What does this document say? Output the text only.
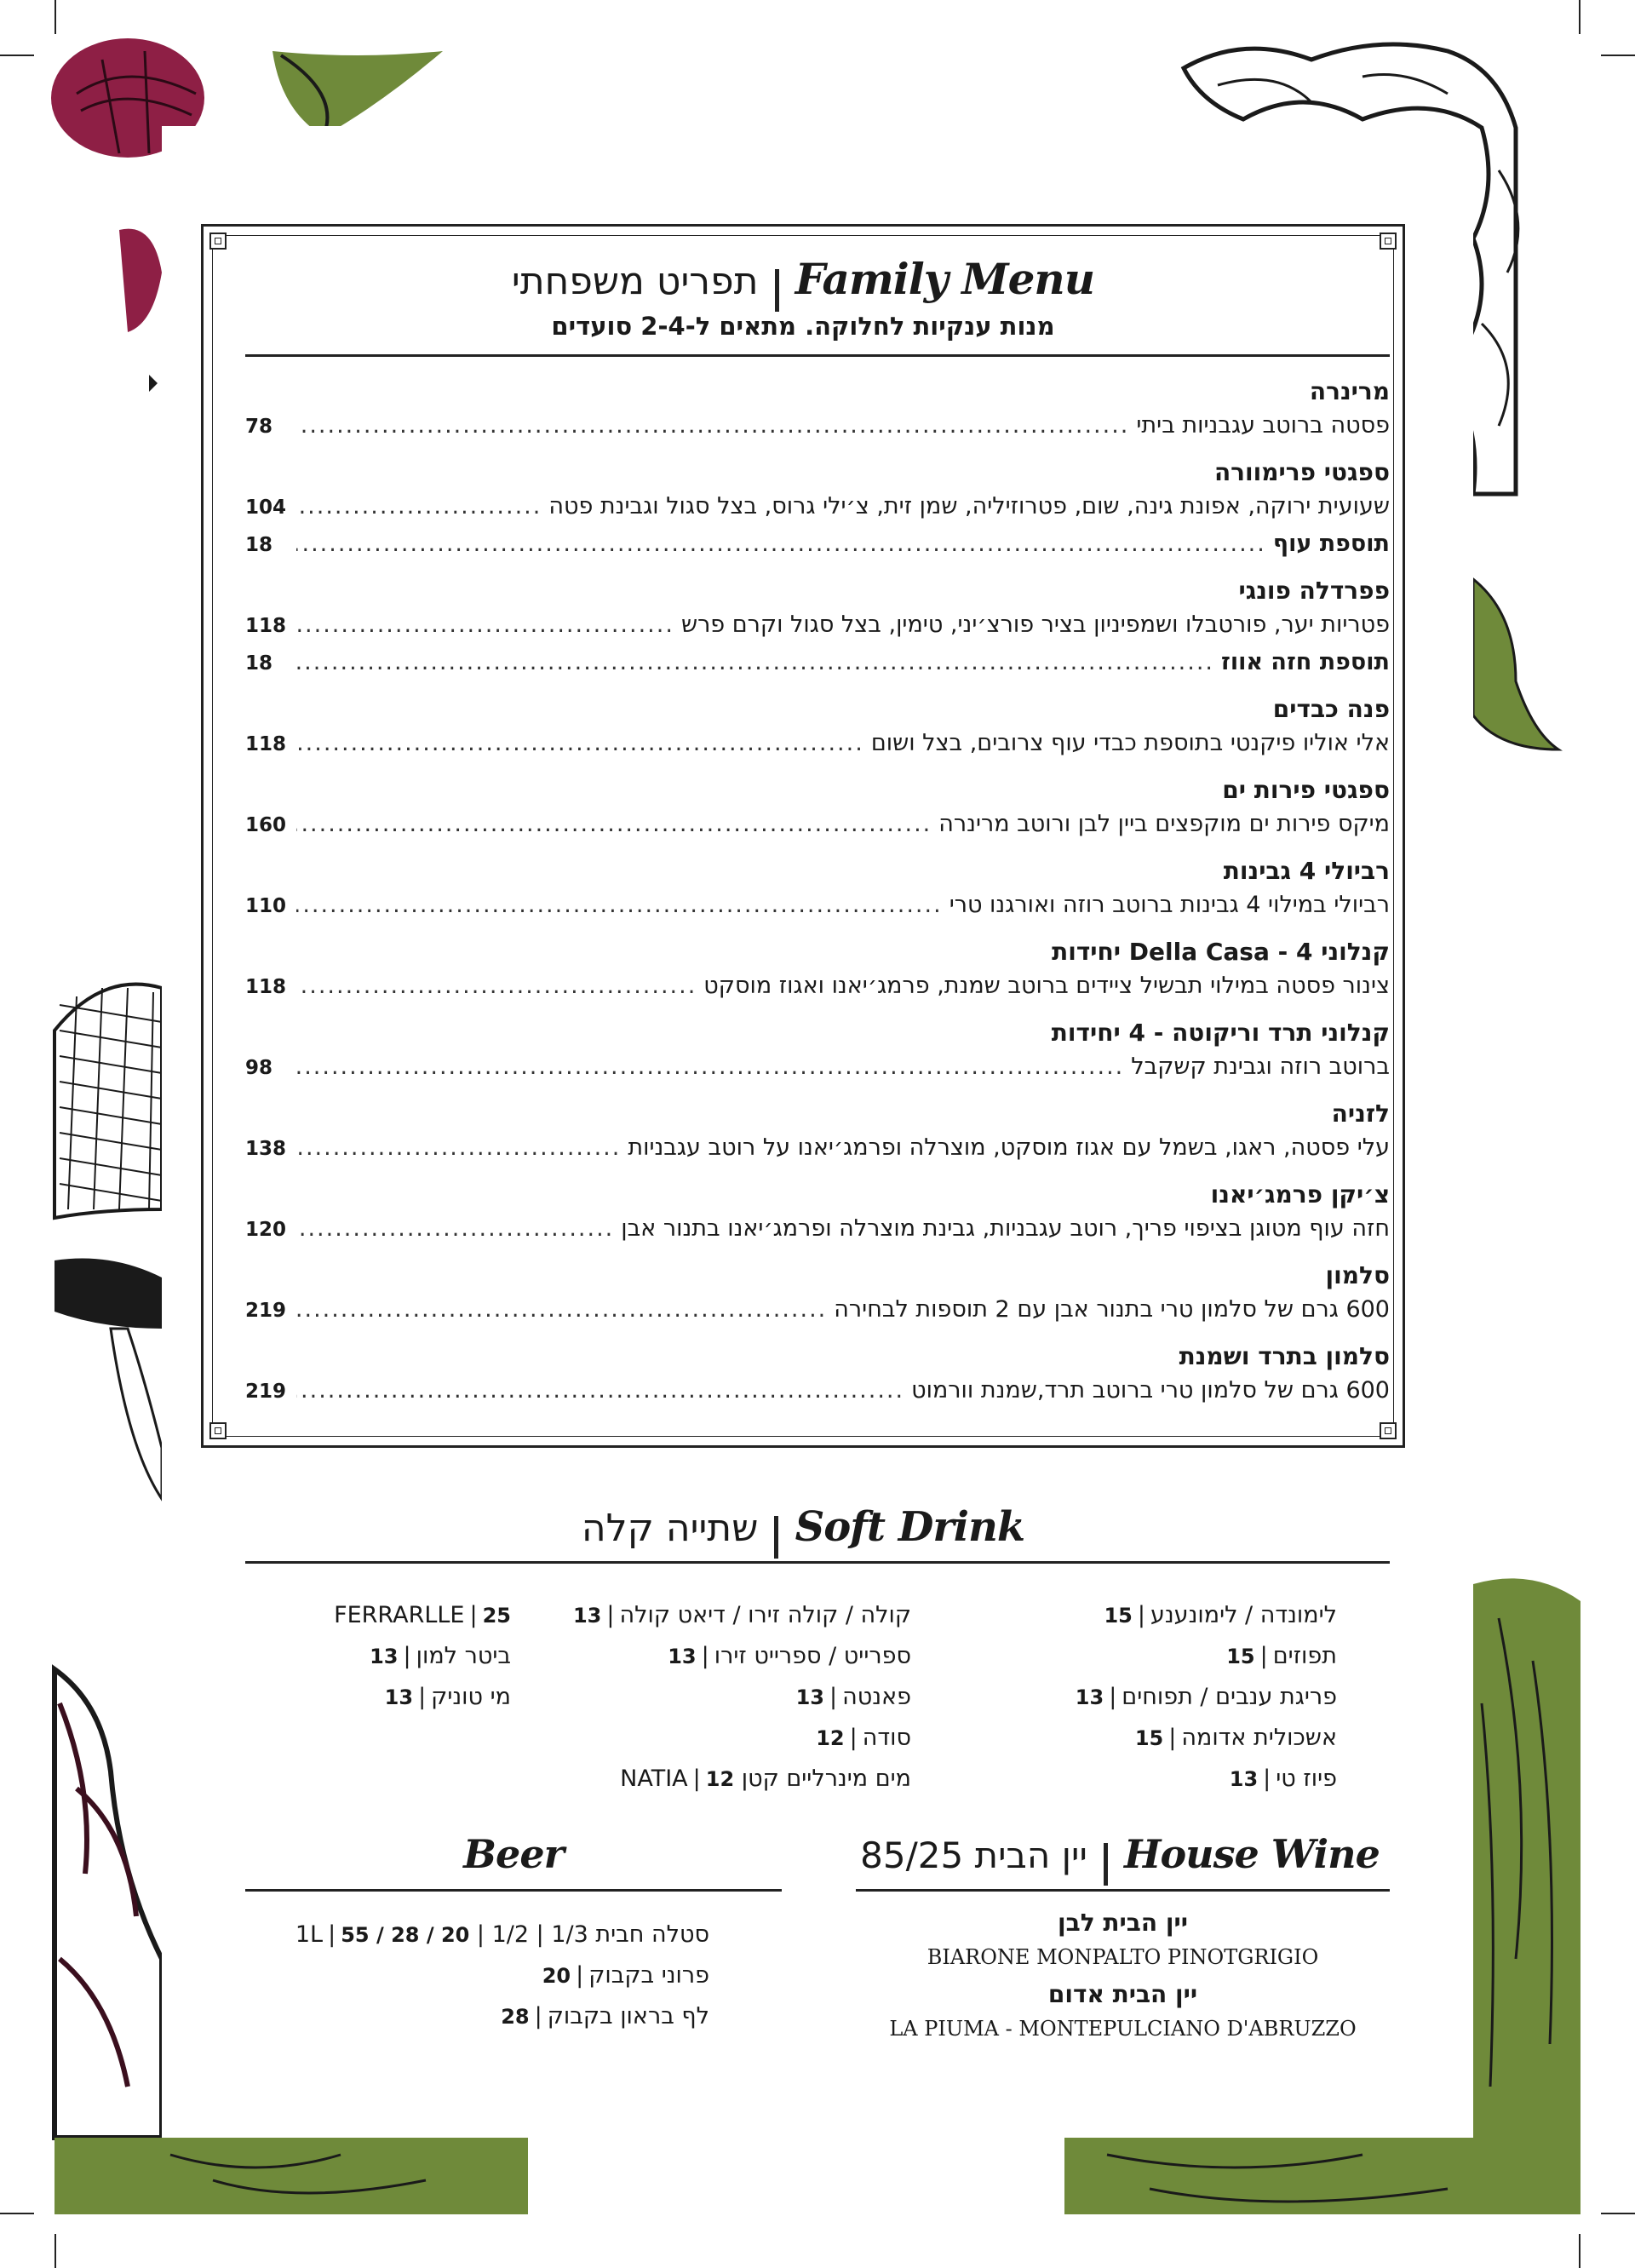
תפריט משפחתי Family Menu
מנות ענקיות לחלוקה. מתאים ל-2-4 סועדים
מרינרה
פסטה ברוטב עגבניות ביתי
.....
78
ספגטי פרימוורה
שעועית ירוקה, אפונת גינה, שום, פטרוזיליה, שמן זית, צ׳ילי גרוס, בצל סגול וגבינת פטה
.....
104
תוספת עוף
.....
18
פפרדלה פונגי
פטריות יער, פורטבלו ושמפיניון בציר פורצ׳יני, טימין, בצל סגול וקרם פרש
.....
118
תוספת חזה אווז
.....
18
פנה כבדים
אלי אוליו פיקנטי בתוספת כבדי עוף צרובים, בצל ושום
.....
118
ספגטי פירות ים
מיקס פירות ים מוקפצים ביין לבן ורוטב מרינרה
.....
160
רביולי 4 גבינות
רביולי במילוי 4 גבינות ברוטב רוזה ואורגנו טרי
.....
110
קנלוני Della Casa - 4 יחידות
צינור פסטה במילוי תבשיל ציידים ברוטב שמנת, פרמג׳יאנו ואגוז מוסקט
.....
118
קנלוני תרד וריקוטה - 4 יחידות
ברוטב רוזה וגבינת קשקבל
.....
98
לזניה
עלי פסטה, ראגו, בשמל עם אגוז מוסקט, מוצרלה ופרמג׳יאנו על רוטב עגבניות
.....
138
צ׳יקן פרמג׳יאנו
חזה עוף מטוגן בציפוי פריך, רוטב עגבניות, גבינת מוצרלה ופרמג׳יאנו בתנור אבן
.....
120
סלמון
600 גרם של סלמון טרי בתנור אבן עם 2 תוספות לבחירה
.....
219
סלמון בתרד ושמנת
600 גרם של סלמון טרי ברוטב תרד,שמנת וורמוט
.....
219
שתייה קלה Soft Drink
יין הבית 85/25 House Wine
יין הבית לבן
BIARONE MONPALTO PINOTGRIGIO
יין הבית אדום
LA PIUMA - MONTEPULCIANO D'ABRUZZO
Beer
סטלה חבית 1/3 | 1/2 | 1L| 55 / 28 / 20
פרוני בקבוק|20
לף בראון בקבוק|28
לימונדה / לימונענע|15
תפוזים|15
פריגת ענבים / תפוחים|13
אשכולית אדומה|15
פיוז טי|13
קולה / קולה זירו / דיאט קולה|13
ספרייט / ספרייט זירו|13
פאנטה|13
סודה|12
מים מינרליים קטן NATIA| 12
FERRARLLE | 25
ביטר למון|13
מי טוניק|13
